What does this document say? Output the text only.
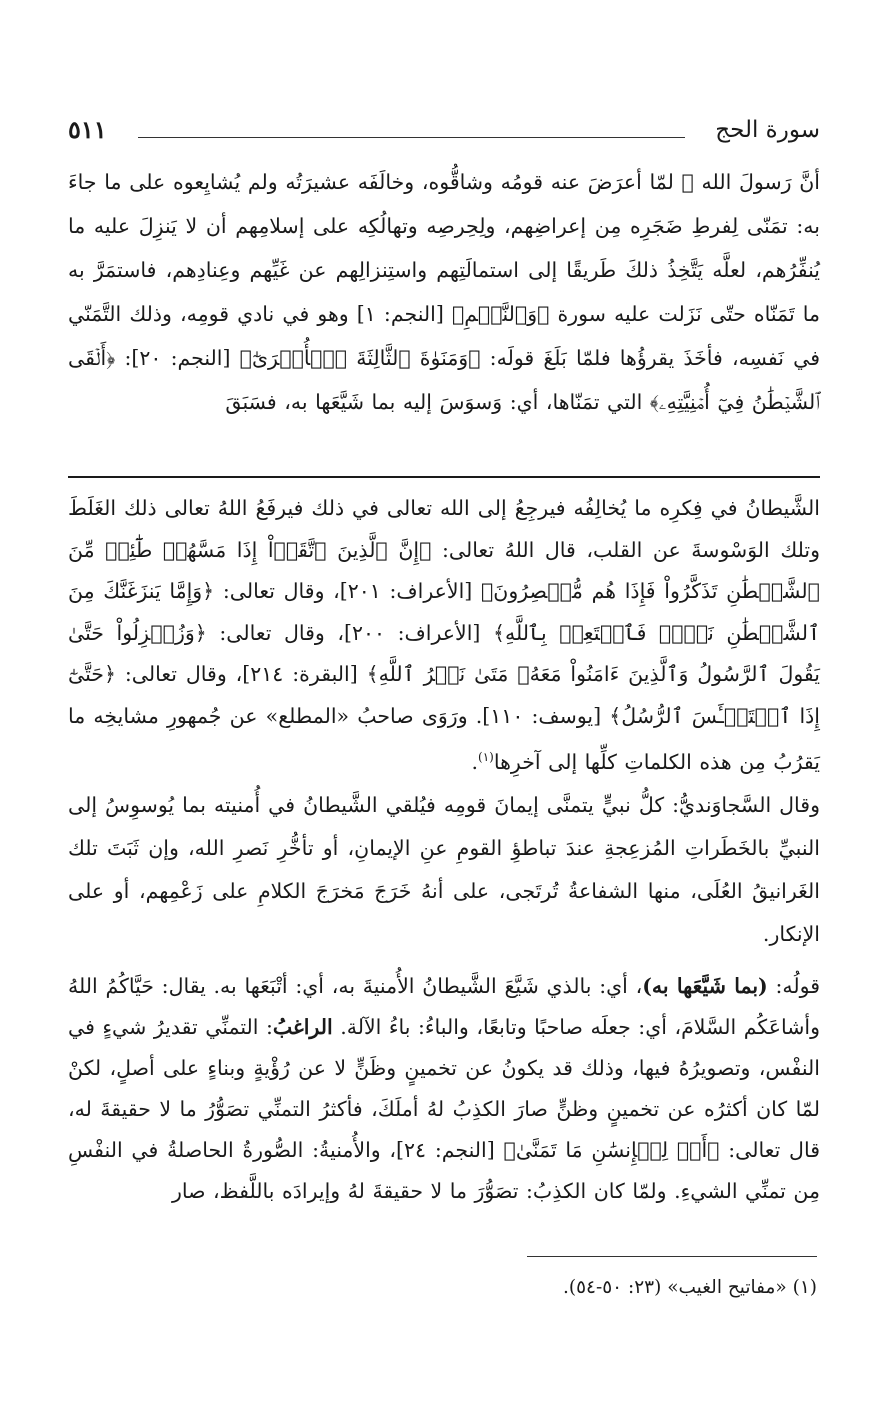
سورة الحج
٥١١
أنَّ رَسولَ الله ﷺ لمّا أعرَضَ عنه قومُه وشاقُّوه، وخالَفَه عشيرَتُه ولم يُشايِعوه على ما جاءَ به: تمَنّى لِفرطِ ضَجَرِه مِن إعراضِهم، ولِحِرصِه وتهالُكِه على إسلامِهم أن لا يَنزِلَ عليه ما يُنفِّرُهم، لعلَّه يَتَّخِذُ ذلكَ طَريقًا إلى استمالَتِهم واستِنزالِهم عن غَيِّهم وعِنادِهم، فاستمَرَّ به ما تَمَنّاه حتّى نَزَلت عليه سورة ﴿وَٱلنَّجۡمِ﴾ [النجم: ١] وهو في نادي قومِه، وذلك التَّمَنّي في نَفسِه، فأخَذَ يقرؤُها فلمّا بَلَغَ قولَه: ﴿وَمَنَوٰةَ ٱلثَّالِثَةَ ٱلۡأُخۡرَىٰٓ﴾ [النجم: ٢٠]: ﴿أَلۡقَى ٱلشَّيۡطَٰنُ فِيٓ أُمۡنِيَّتِهِۦ﴾ التي تمَنّاها، أي: وَسوَسَ إليه بما شَيَّعَها به، فسَبَقَ
الشَّيطانُ في فِكرِه ما يُخالِفُه فيرجِعُ إلى الله تعالى في ذلك فيرفَعُ اللهُ تعالى ذلك الغَلَطَ وتلك الوَسْوسةَ عن القلب، قال اللهُ تعالى: ﴿إِنَّ ٱلَّذِينَ ٱتَّقَوۡاْ إِذَا مَسَّهُمۡ طَٰٓئِفٞ مِّنَ ٱلشَّيۡطَٰنِ تَذَكَّرُواْ فَإِذَا هُم مُّبۡصِرُونَ﴾ [الأعراف: ٢٠١]، وقال تعالى: ﴿وَإِمَّا يَنزَغَنَّكَ مِنَ ٱلشَّيۡطَٰنِ نَزۡغٞ فَٱسۡتَعِذۡ بِٱللَّهِ﴾ [الأعراف: ٢٠٠]، وقال تعالى: ﴿وَزُلۡزِلُواْ حَتَّىٰ يَقُولَ ٱلرَّسُولُ وَٱلَّذِينَ ءَامَنُواْ مَعَهُۥ مَتَىٰ نَصۡرُ ٱللَّهِ﴾ [البقرة: ٢١٤]، وقال تعالى: ﴿حَتَّىٰٓ إِذَا ٱسۡتَيۡـَٔسَ ٱلرُّسُلُ﴾ [يوسف: ١١٠]. ورَوَى صاحبُ «المطلع» عن جُمهورِ مشايخِه ما يَقرُبُ مِن هذه الكلماتِ كلِّها إلى آخرِها$^{(١)}$.
وقال السَّجاوَنديُّ: كلُّ نبيٍّ يتمنَّى إيمانَ قومِه فيُلقي الشَّيطانُ في أُمنيته بما يُوسوِسُ إلى النبيِّ بالخَطَراتِ المُزعِجةِ عندَ تباطؤِ القومِ عنِ الإيمانِ، أو تأخُّرِ نَصرِ الله، وإن ثَبَتَ تلك الغَرانيقُ العُلَى، منها الشفاعةُ تُرتَجى، على أنهُ خَرَجَ مَخرَجَ الكلامِ على زَعْمِهم، أو على الإنكار.
قولُه: (بما شَيَّعَها به)، أي: بالذي شَيَّعَ الشَّيطانُ الأُمنيةَ به، أي: أتْبَعَها به. يقال: حَيَّاكُمُ اللهُ وأشاعَكُم السَّلامَ، أي: جعلَه صاحبًا وتابعًا، والباءُ: باءُ الآلة. الراغبُ: التمنِّي تقديرُ شيءٍ في النفْس، وتصويرُهُ فيها، وذلك قد يكونُ عن تخمينٍ وظَنٍّ لا عن رُؤْيةٍ وبناءٍ على أصلٍ، لكنْ لمّا كان أكثرُه عن تخمينٍ وظنٍّ صارَ الكذِبُ لهُ أملَكَ، فأكثرُ التمنِّي تصَوُّرُ ما لا حقيقةَ له، قال تعالى: ﴿أَمۡ لِلۡإِنسَٰنِ مَا تَمَنَّىٰ﴾ [النجم: ٢٤]، والأُمنيةُ: الصُّورةُ الحاصلةُ في النفْسِ مِن تمنِّي الشيءِ. ولمّا كان الكذِبُ: تصَوُّرَ ما لا حقيقةَ لهُ وإيرادَه باللَّفظ، صار
(١) «مفاتيح الغيب» (٢٣: ٥٠-٥٤).
